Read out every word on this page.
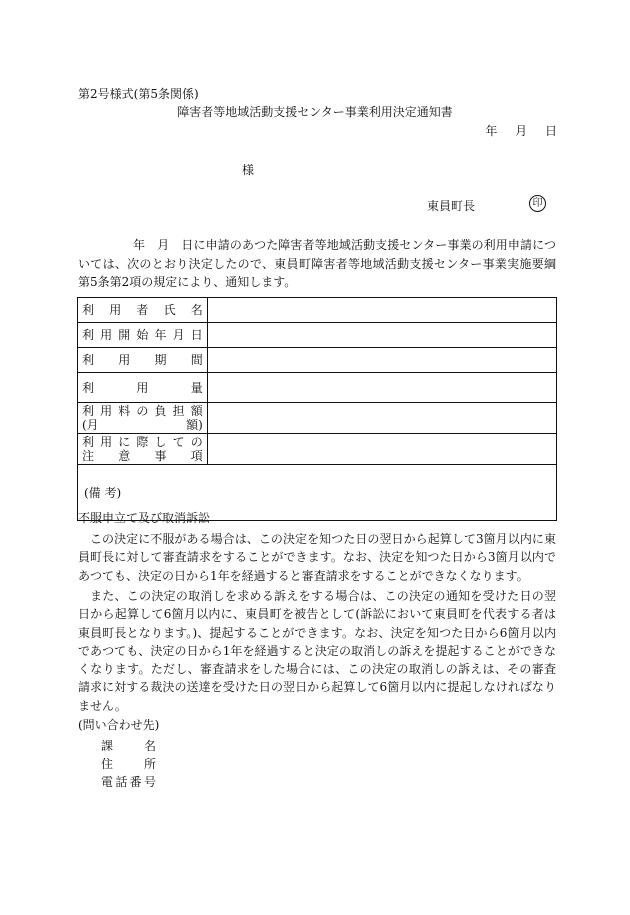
第2号様式(第5条関係)
障害者等地域活動支援センター事業利用決定通知書
年 月 日
様
東員町長	印
年　月　日に申請のあつた障害者等地域活動支援センター事業の利用申請については、次のとおり決定したので、東員町障害者等地域活動支援センター事業実施要綱第5条第2項の規定により、通知します。
利用者氏名	

利用開始年月日	

利用期間	

利用量	

利用料の負担額
(月 額)	

利用に際しての
注意事項	

(備 考)	
不服申立て及び取消訴訟
この決定に不服がある場合は、この決定を知つた日の翌日から起算して3箇月以内に東員町長に対して審査請求をすることができます。なお、決定を知つた日から3箇月以内であつても、決定の日から1年を経過すると審査請求をすることができなくなります。
また、この決定の取消しを求める訴えをする場合は、この決定の通知を受けた日の翌日から起算して6箇月以内に、東員町を被告として(訴訟において東員町を代表する者は東員町長となります。)、提起することができます。なお、決定を知つた日から6箇月以内であつても、決定の日から1年を経過すると決定の取消しの訴えを提起することができなくなります。ただし、審査請求をした場合には、この決定の取消しの訴えは、その審査請求に対する裁決の送達を受けた日の翌日から起算して6箇月以内に提起しなければなりません。
(問い合わせ先)
課名
住所
電話番号
